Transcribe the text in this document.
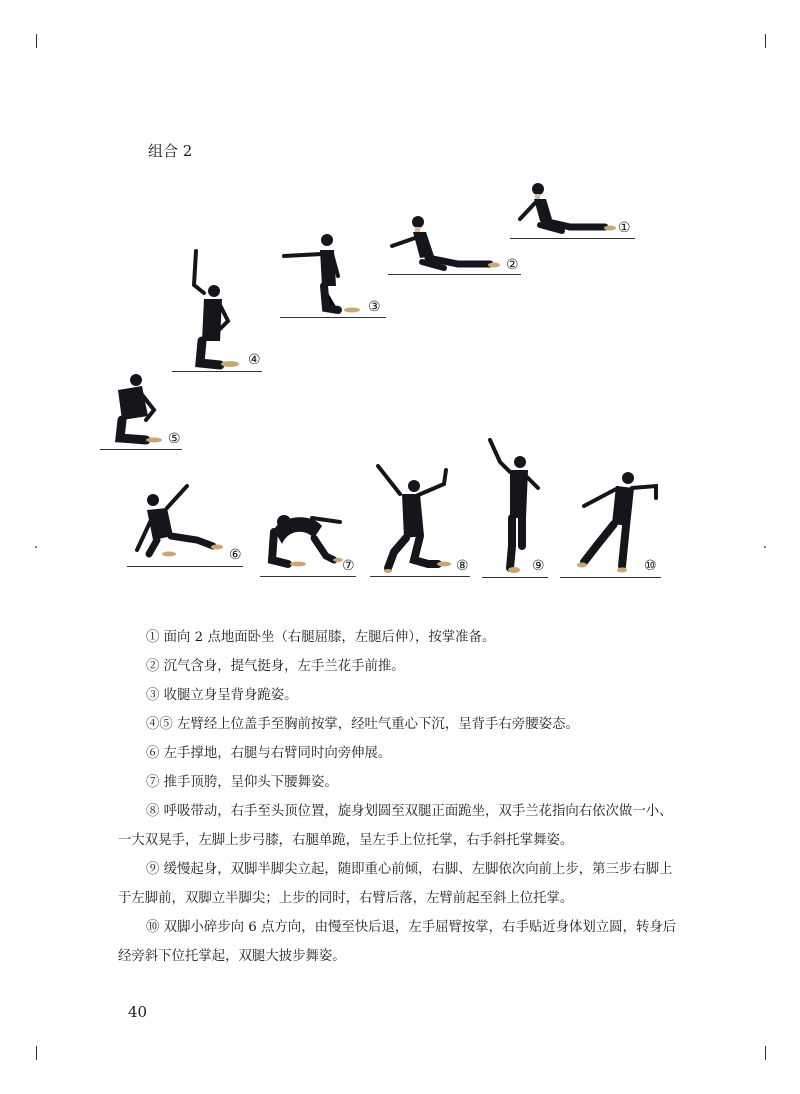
组合 2
①
②
③
④
⑤
⑥
⑦	⑧	⑨	⑩

① 面向 2 点地面卧坐（右腿屈膝，左腿后伸），按掌准备。

② 沉气含身，提气挺身，左手兰花手前推。

③ 收腿立身呈背身跪姿。

④⑤ 左臂经上位盖手至胸前按掌，经吐气重心下沉，呈背手右旁腰姿态。

⑥ 左手撑地，右腿与右臂同时向旁伸展。

⑦ 推手顶胯，呈仰头下腰舞姿。

⑧ 呼吸带动，右手至头顶位置，旋身划圆至双腿正面跪坐，双手兰花指向右依次做一小、一大双晃手，左脚上步弓膝，右腿单跪，呈左手上位托掌，右手斜托掌舞姿。

⑨ 缓慢起身，双脚半脚尖立起，随即重心前倾，右脚、左脚依次向前上步，第三步右脚上于左脚前，双脚立半脚尖；上步的同时，右臂后落，左臂前起至斜上位托掌。

⑩ 双脚小碎步向 6 点方向，由慢至快后退，左手屈臂按掌，右手贴近身体划立圆，转身后经旁斜下位托掌起，双腿大披步舞姿。

40
